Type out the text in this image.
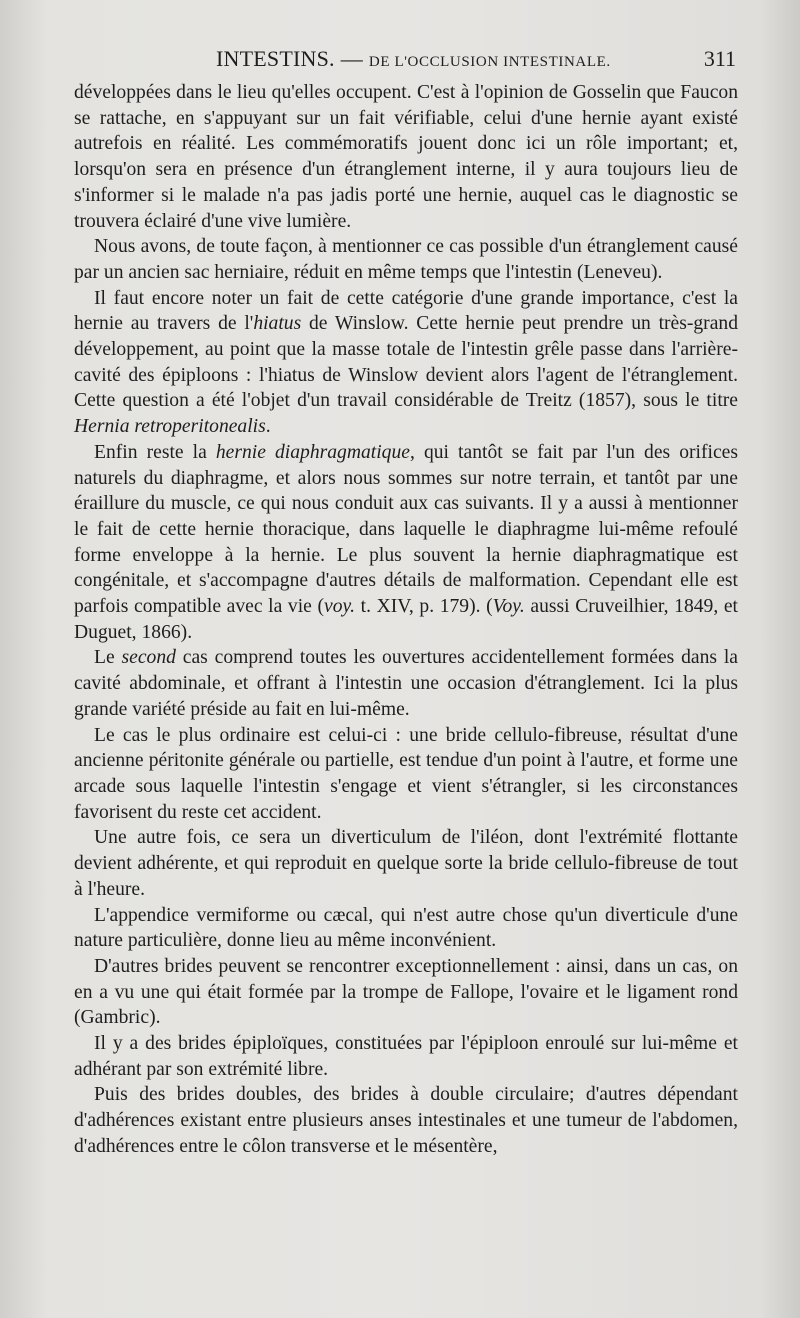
INTESTINS. — DE L'OCCLUSION INTESTINALE.	311

développées dans le lieu qu'elles occupent. C'est à l'opinion de Gosselin que Faucon se rattache, en s'appuyant sur un fait vérifiable, celui d'une hernie ayant existé autrefois en réalité. Les commémoratifs jouent donc ici un rôle important; et, lorsqu'on sera en présence d'un étranglement interne, il y aura toujours lieu de s'informer si le malade n'a pas jadis porté une hernie, auquel cas le diagnostic se trouvera éclairé d'une vive lumière.

Nous avons, de toute façon, à mentionner ce cas possible d'un étranglement causé par un ancien sac herniaire, réduit en même temps que l'intestin (Leneveu).

Il faut encore noter un fait de cette catégorie d'une grande importance, c'est la hernie au travers de l'hiatus de Winslow. Cette hernie peut prendre un très-grand développement, au point que la masse totale de l'intestin grêle passe dans l'arrière-cavité des épiploons : l'hiatus de Winslow devient alors l'agent de l'étranglement. Cette question a été l'objet d'un travail considérable de Treitz (1857), sous le titre Hernia retroperitonealis.

Enfin reste la hernie diaphragmatique, qui tantôt se fait par l'un des orifices naturels du diaphragme, et alors nous sommes sur notre terrain, et tantôt par une éraillure du muscle, ce qui nous conduit aux cas suivants. Il y a aussi à mentionner le fait de cette hernie thoracique, dans laquelle le diaphragme lui-même refoulé forme enveloppe à la hernie. Le plus souvent la hernie diaphragmatique est congénitale, et s'accompagne d'autres détails de malformation. Cependant elle est parfois compatible avec la vie (voy. t. XIV, p. 179). (Voy. aussi Cruveilhier, 1849, et Duguet, 1866).

Le second cas comprend toutes les ouvertures accidentellement formées dans la cavité abdominale, et offrant à l'intestin une occasion d'étranglement. Ici la plus grande variété préside au fait en lui-même.

Le cas le plus ordinaire est celui-ci : une bride cellulo-fibreuse, résultat d'une ancienne péritonite générale ou partielle, est tendue d'un point à l'autre, et forme une arcade sous laquelle l'intestin s'engage et vient s'étrangler, si les circonstances favorisent du reste cet accident.

Une autre fois, ce sera un diverticulum de l'iléon, dont l'extrémité flottante devient adhérente, et qui reproduit en quelque sorte la bride cellulo-fibreuse de tout à l'heure.

L'appendice vermiforme ou cæcal, qui n'est autre chose qu'un diverticule d'une nature particulière, donne lieu au même inconvénient.

D'autres brides peuvent se rencontrer exceptionnellement : ainsi, dans un cas, on en a vu une qui était formée par la trompe de Fallope, l'ovaire et le ligament rond (Gambric).

Il y a des brides épiploïques, constituées par l'épiploon enroulé sur lui-même et adhérant par son extrémité libre.

Puis des brides doubles, des brides à double circulaire; d'autres dépendant d'adhérences existant entre plusieurs anses intestinales et une tumeur de l'abdomen, d'adhérences entre le côlon transverse et le mésentère,
